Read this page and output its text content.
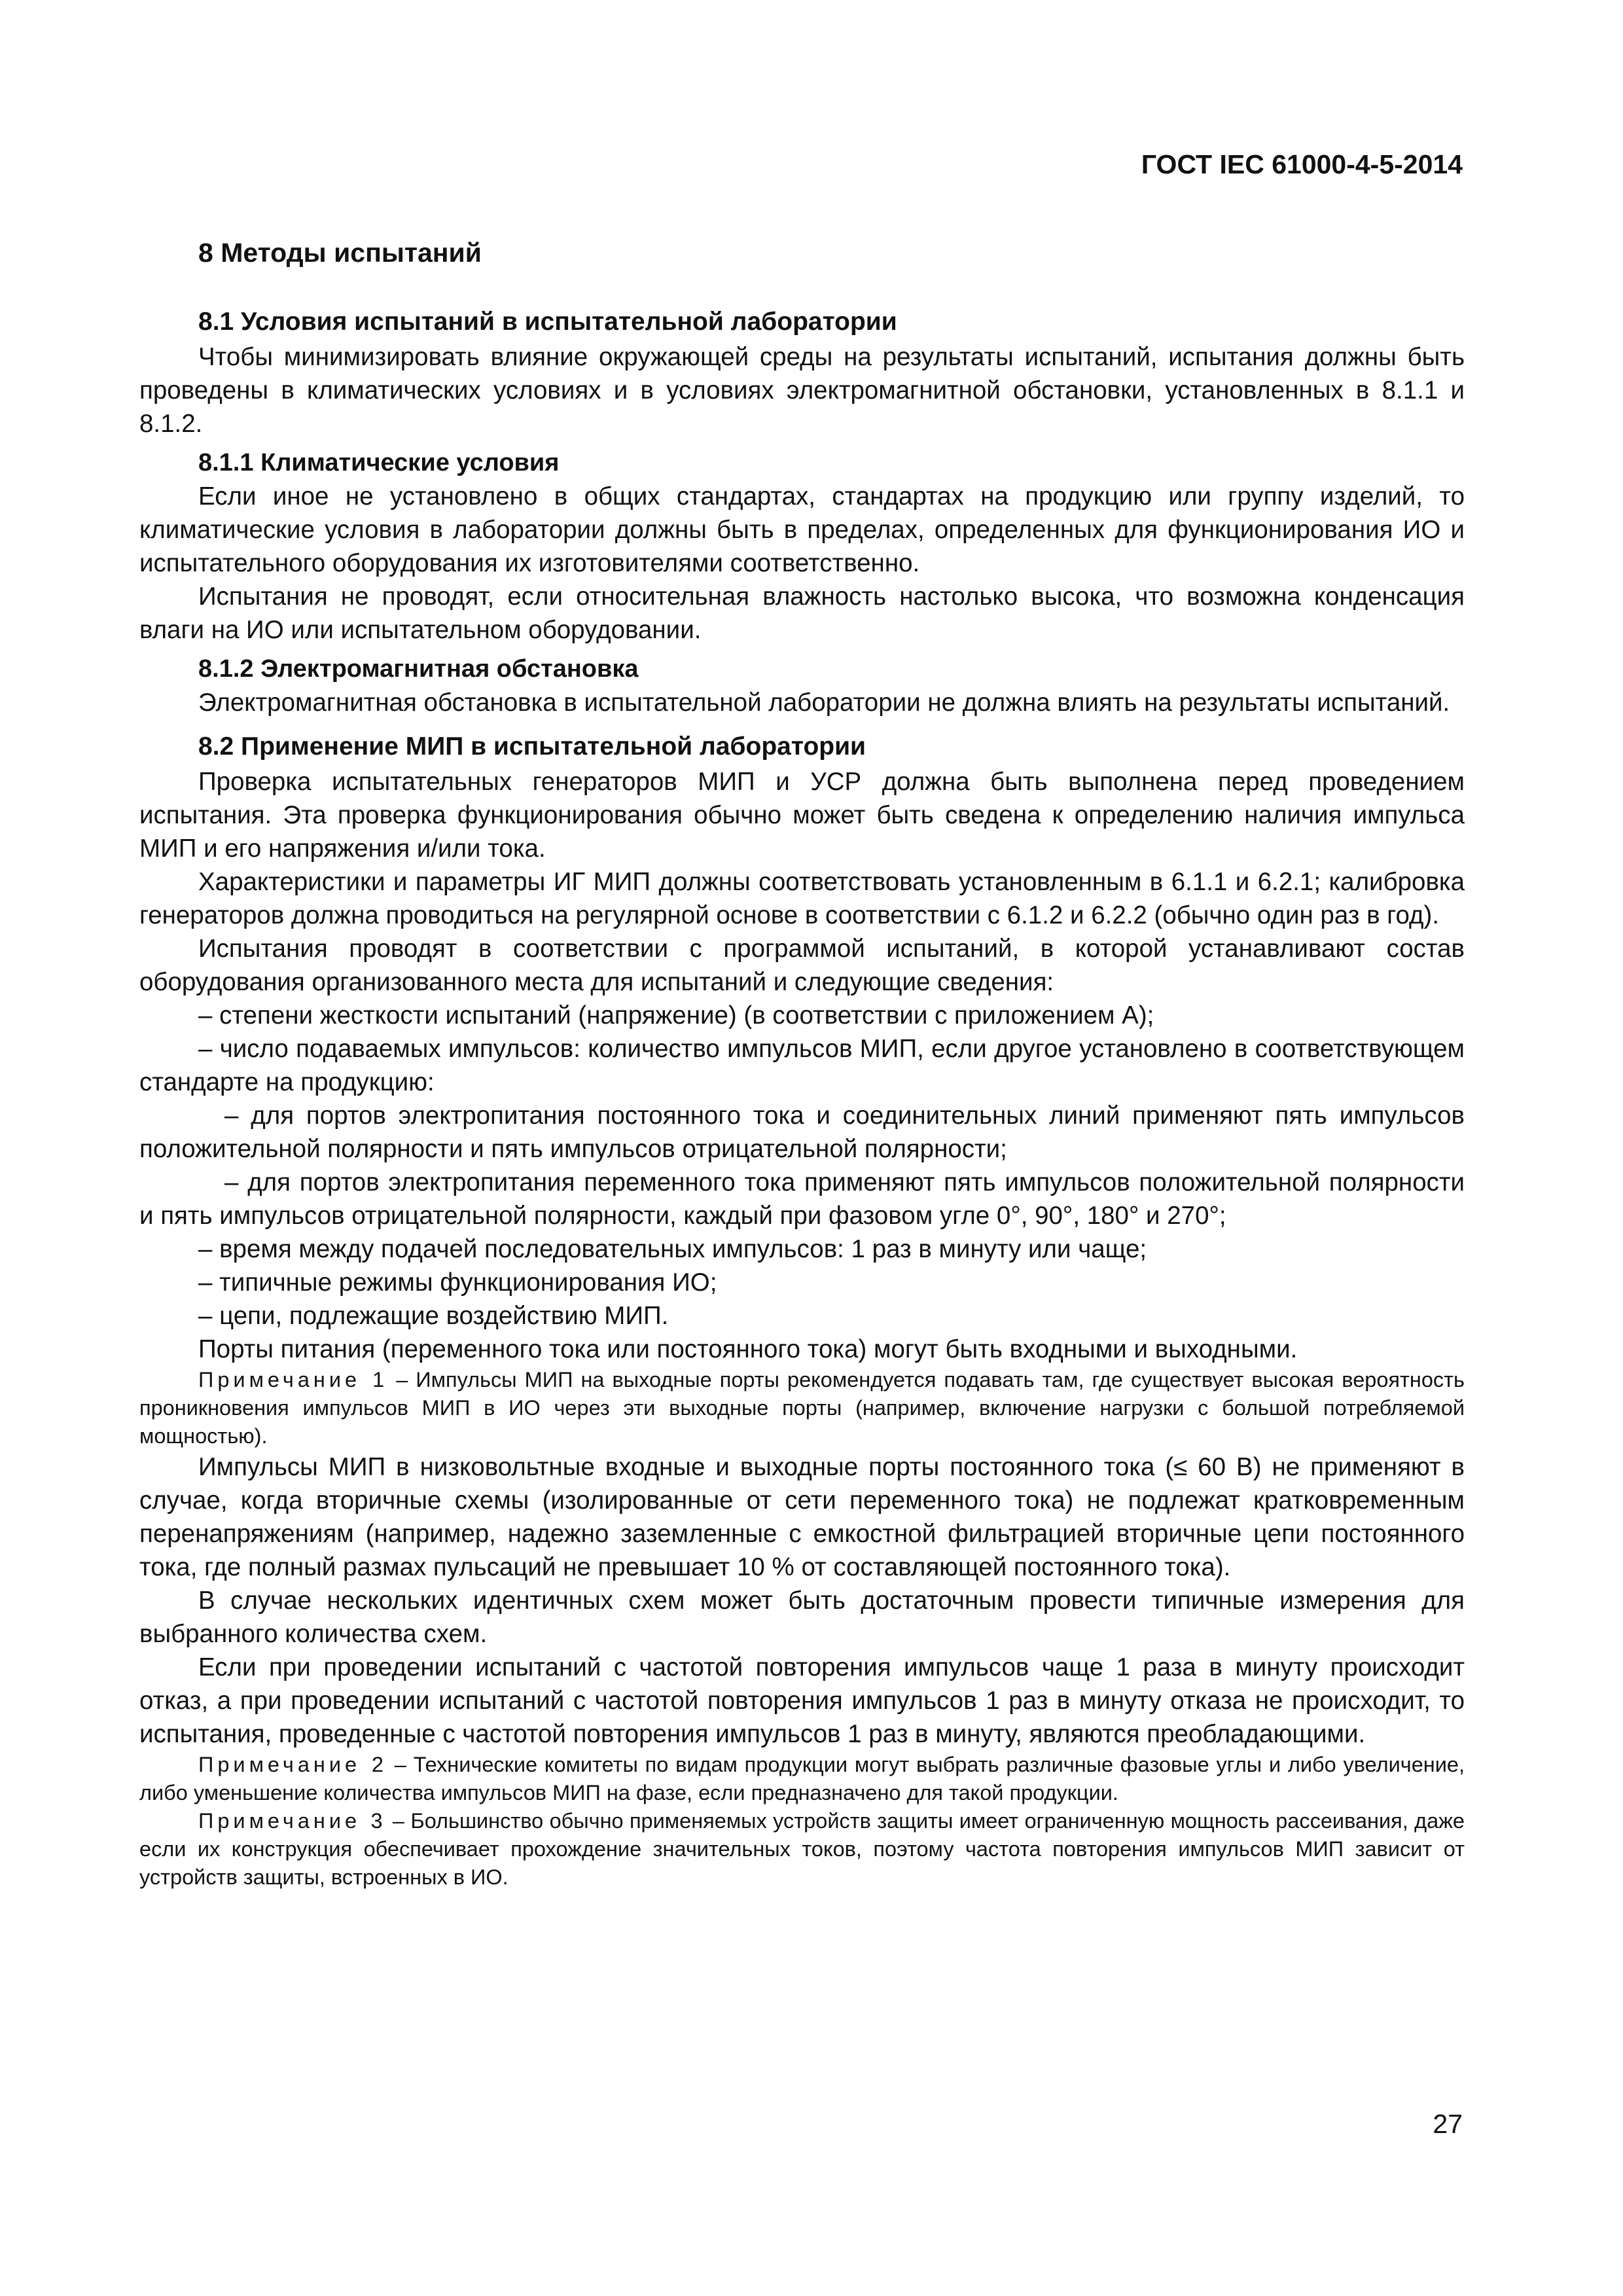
ГОСТ IEC 61000-4-5-2014
8 Методы испытаний
8.1 Условия испытаний в испытательной лаборатории

Чтобы минимизировать влияние окружающей среды на результаты испытаний, испытания должны быть проведены в климатических условиях и в условиях электромагнитной обстановки, установленных в 8.1.1 и 8.1.2.

8.1.1 Климатические условия

Если иное не установлено в общих стандартах, стандартах на продукцию или группу изделий, то климатические условия в лаборатории должны быть в пределах, определенных для функционирования ИО и испытательного оборудования их изготовителями соответственно.

Испытания не проводят, если относительная влажность настолько высока, что возможна конденсация влаги на ИО или испытательном оборудовании.

8.1.2 Электромагнитная обстановка

Электромагнитная обстановка в испытательной лаборатории не должна влиять на результаты испытаний.

8.2 Применение МИП в испытательной лаборатории

Проверка испытательных генераторов МИП и УСР должна быть выполнена перед проведением испытания. Эта проверка функционирования обычно может быть сведена к определению наличия импульса МИП и его напряжения и/или тока.

Характеристики и параметры ИГ МИП должны соответствовать установленным в 6.1.1 и 6.2.1; калибровка генераторов должна проводиться на регулярной основе в соответствии с 6.1.2 и 6.2.2 (обычно один раз в год).

Испытания проводят в соответствии с программой испытаний, в которой устанавливают состав оборудования организованного места для испытаний и следующие сведения:

– степени жесткости испытаний (напряжение) (в соответствии с приложением А);

– число подаваемых импульсов: количество импульсов МИП, если другое установлено в соответствующем стандарте на продукцию:

– для портов электропитания постоянного тока и соединительных линий применяют пять импульсов положительной полярности и пять импульсов отрицательной полярности;

– для портов электропитания переменного тока применяют пять импульсов положительной полярности и пять импульсов отрицательной полярности, каждый при фазовом угле 0°, 90°, 180° и 270°;

– время между подачей последовательных импульсов: 1 раз в минуту или чаще;

– типичные режимы функционирования ИО;

– цепи, подлежащие воздействию МИП.

Порты питания (переменного тока или постоянного тока) могут быть входными и выходными.

Примечание 1 – Импульсы МИП на выходные порты рекомендуется подавать там, где существует высокая вероятность проникновения импульсов МИП в ИО через эти выходные порты (например, включение нагрузки с большой потребляемой мощностью).

Импульсы МИП в низковольтные входные и выходные порты постоянного тока (≤ 60 В) не применяют в случае, когда вторичные схемы (изолированные от сети переменного тока) не подлежат кратковременным перенапряжениям (например, надежно заземленные с емкостной фильтрацией вторичные цепи постоянного тока, где полный размах пульсаций не превышает 10 % от составляющей постоянного тока).

В случае нескольких идентичных схем может быть достаточным провести типичные измерения для выбранного количества схем.

Если при проведении испытаний с частотой повторения импульсов чаще 1 раза в минуту происходит отказ, а при проведении испытаний с частотой повторения импульсов 1 раз в минуту отказа не происходит, то испытания, проведенные с частотой повторения импульсов 1 раз в минуту, являются преобладающими.

Примечание 2 – Технические комитеты по видам продукции могут выбрать различные фазовые углы и либо увеличение, либо уменьшение количества импульсов МИП на фазе, если предназначено для такой продукции.

Примечание 3 – Большинство обычно применяемых устройств защиты имеет ограниченную мощность рассеивания, даже если их конструкция обеспечивает прохождение значительных токов, поэтому частота повторения импульсов МИП зависит от устройств защиты, встроенных в ИО.

27
